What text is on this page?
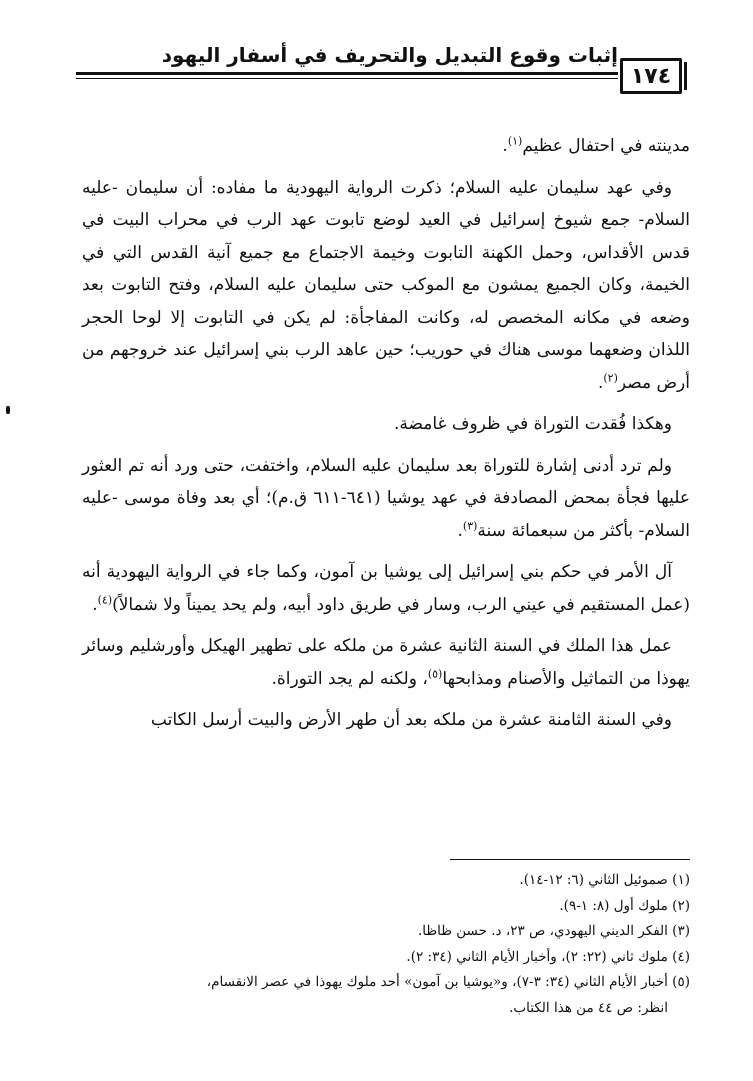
إثبات وقوع التبديل والتحريف في أسفار اليهود
١٧٤

مدينته في احتفال عظيم$^{(١)}$.

وفي عهد سليمان عليه السلام؛ ذكرت الرواية اليهودية ما مفاده: أن سليمان -عليه السلام- جمع شيوخ إسرائيل في العيد لوضع تابوت عهد الرب في محراب البيت في قدس الأقداس، وحمل الكهنة التابوت وخيمة الاجتماع مع جميع آنية القدس التي في الخيمة، وكان الجميع يمشون مع الموكب حتى سليمان عليه السلام، وفتح التابوت بعد وضعه في مكانه المخصص له، وكانت المفاجأة: لم يكن في التابوت إلا لوحا الحجر اللذان وضعهما موسى هناك في حوريب؛ حين عاهد الرب بني إسرائيل عند خروجهم من أرض مصر$^{(٢)}$.

وهكذا فُقدت التوراة في ظروف غامضة.

ولم ترد أدنى إشارة للتوراة بعد سليمان عليه السلام، واختفت، حتى ورد أنه تم العثور عليها فجأة بمحض المصادفة في عهد يوشيا (٦٤١-٦١١ ق.م)؛ أي بعد وفاة موسى -عليه السلام- بأكثر من سبعمائة سنة$^{(٣)}$.

آل الأمر في حكم بني إسرائيل إلى يوشيا بن آمون، وكما جاء في الرواية اليهودية أنه (عمل المستقيم في عيني الرب، وسار في طريق داود أبيه، ولم يحد يميناً ولا شمالاً)$^{(٤)}$.

عمل هذا الملك في السنة الثانية عشرة من ملكه على تطهير الهيكل وأورشليم وسائر يهوذا من التماثيل والأصنام ومذابحها$^{(٥)}$، ولكنه لم يجد التوراة.

وفي السنة الثامنة عشرة من ملكه بعد أن طهر الأرض والبيت أرسل الكاتب

(١) صموئيل الثاني (٦: ١٢-١٤).

(٢) ملوك أول (٨: ١-٩).

(٣) الفكر الديني اليهودي، ص ٢٣، د. حسن ظاظا.

(٤) ملوك ثاني (٢٢: ٢)، وأخبار الأيام الثاني (٣٤: ٢).

(٥) أخبار الأيام الثاني (٣٤: ٣-٧)، و«يوشيا بن آمون» أحد ملوك يهوذا في عصر الانقسام،

انظر: ص ٤٤ من هذا الكتاب.
